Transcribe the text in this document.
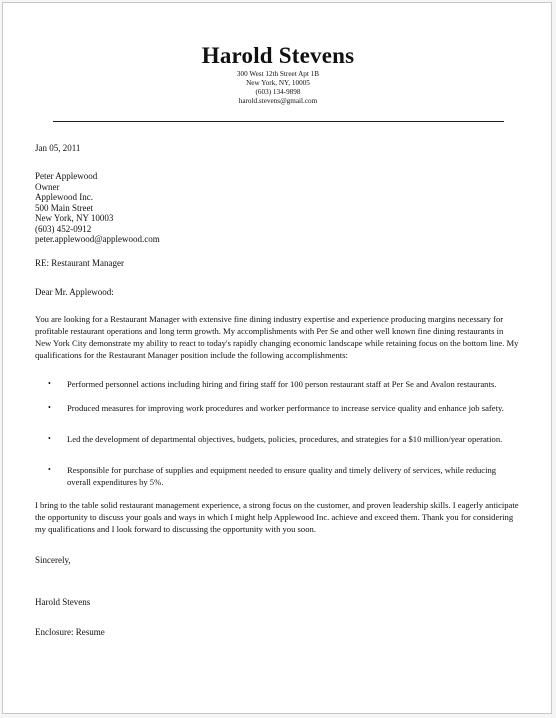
Harold Stevens
300 West 12th Street Apt 1B
New York, NY, 10005
(603) 134-9898
harold.stevens@gmail.com
Jan 05, 2011
Peter Applewood
Owner
Applewood Inc.
500 Main Street
New York, NY 10003
(603) 452-0912
peter.applewood@applewood.com
RE: Restaurant Manager
Dear Mr. Applewood:
You are looking for a Restaurant Manager with extensive fine dining industry expertise and experience producing margins necessary for profitable restaurant operations and long term growth. My accomplishments with Per Se and other well known fine dining restaurants in New York City demonstrate my ability to react to today's rapidly changing economic landscape while retaining focus on the bottom line. My qualifications for the Restaurant Manager position include the following accomplishments:
• Performed personnel actions including hiring and firing staff for 100 person restaurant staff at Per Se and Avalon restaurants.
• Produced measures for improving work procedures and worker performance to increase service quality and enhance job safety.
• Led the development of departmental objectives, budgets, policies, procedures, and strategies for a $10 million/year operation.
• Responsible for purchase of supplies and equipment needed to ensure quality and timely delivery of services, while reducing overall expenditures by 5%.
I bring to the table solid restaurant management experience, a strong focus on the customer, and proven leadership skills. I eagerly anticipate the opportunity to discuss your goals and ways in which I might help Applewood Inc. achieve and exceed them. Thank you for considering my qualifications and I look forward to discussing the opportunity with you soon.
Sincerely,
Harold Stevens
Enclosure: Resume
